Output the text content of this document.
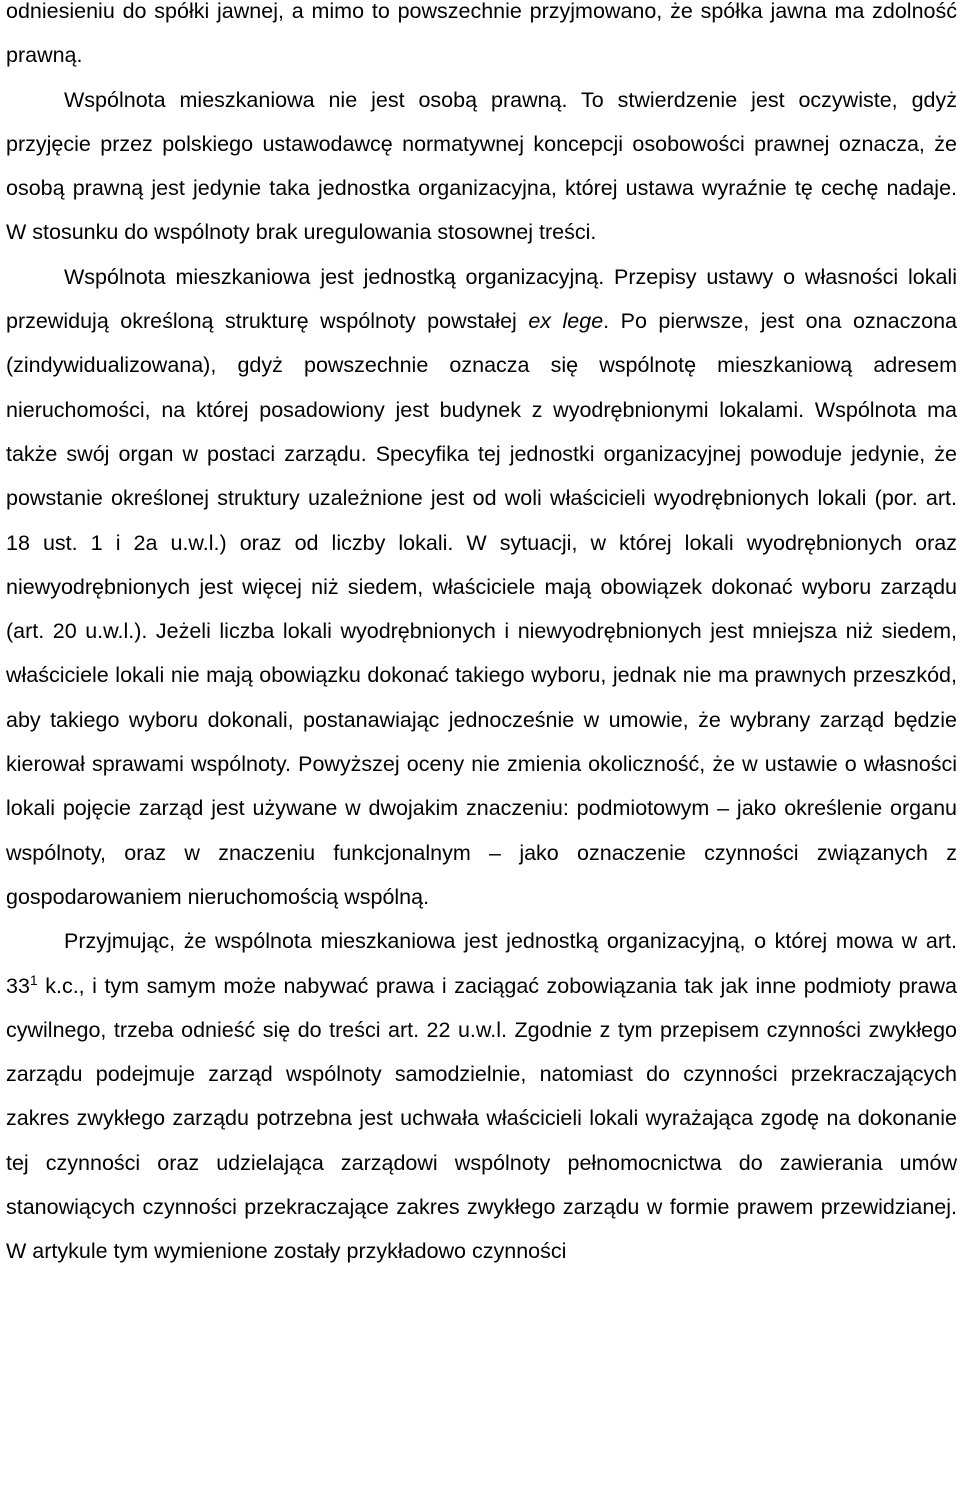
odniesieniu do spółki jawnej, a mimo to powszechnie przyjmowano, że spółka jawna ma zdolność prawną.

Wspólnota mieszkaniowa nie jest osobą prawną. To stwierdzenie jest oczywiste, gdyż przyjęcie przez polskiego ustawodawcę normatywnej koncepcji osobowości prawnej oznacza, że osobą prawną jest jedynie taka jednostka organizacyjna, której ustawa wyraźnie tę cechę nadaje. W stosunku do wspólnoty brak uregulowania stosownej treści.

Wspólnota mieszkaniowa jest jednostką organizacyjną. Przepisy ustawy o własności lokali przewidują określoną strukturę wspólnoty powstałej ex lege. Po pierwsze, jest ona oznaczona (zindywidualizowana), gdyż powszechnie oznacza się wspólnotę mieszkaniową adresem nieruchomości, na której posadowiony jest budynek z wyodrębnionymi lokalami. Wspólnota ma także swój organ w postaci zarządu. Specyfika tej jednostki organizacyjnej powoduje jedynie, że powstanie określonej struktury uzależnione jest od woli właścicieli wyodrębnionych lokali (por. art. 18 ust. 1 i 2a u.w.l.) oraz od liczby lokali. W sytuacji, w której lokali wyodrębnionych oraz niewyodrębnionych jest więcej niż siedem, właściciele mają obowiązek dokonać wyboru zarządu (art. 20 u.w.l.). Jeżeli liczba lokali wyodrębnionych i niewyodrębnionych jest mniejsza niż siedem, właściciele lokali nie mają obowiązku dokonać takiego wyboru, jednak nie ma prawnych przeszkód, aby takiego wyboru dokonali, postanawiając jednocześnie w umowie, że wybrany zarząd będzie kierował sprawami wspólnoty. Powyższej oceny nie zmienia okoliczność, że w ustawie o własności lokali pojęcie zarząd jest używane w dwojakim znaczeniu: podmiotowym – jako określenie organu wspólnoty, oraz w znaczeniu funkcjonalnym – jako oznaczenie czynności związanych z gospodarowaniem nieruchomością wspólną.

Przyjmując, że wspólnota mieszkaniowa jest jednostką organizacyjną, o której mowa w art. $33^1$ k.c., i tym samym może nabywać prawa i zaciągać zobowiązania tak jak inne podmioty prawa cywilnego, trzeba odnieść się do treści art. 22 u.w.l. Zgodnie z tym przepisem czynności zwykłego zarządu podejmuje zarząd wspólnoty samodzielnie, natomiast do czynności przekraczających zakres zwykłego zarządu potrzebna jest uchwała właścicieli lokali wyrażająca zgodę na dokonanie tej czynności oraz udzielająca zarządowi wspólnoty pełnomocnictwa do zawierania umów stanowiących czynności przekraczające zakres zwykłego zarządu w formie prawem przewidzianej. W artykule tym wymienione zostały przykładowo czynności
